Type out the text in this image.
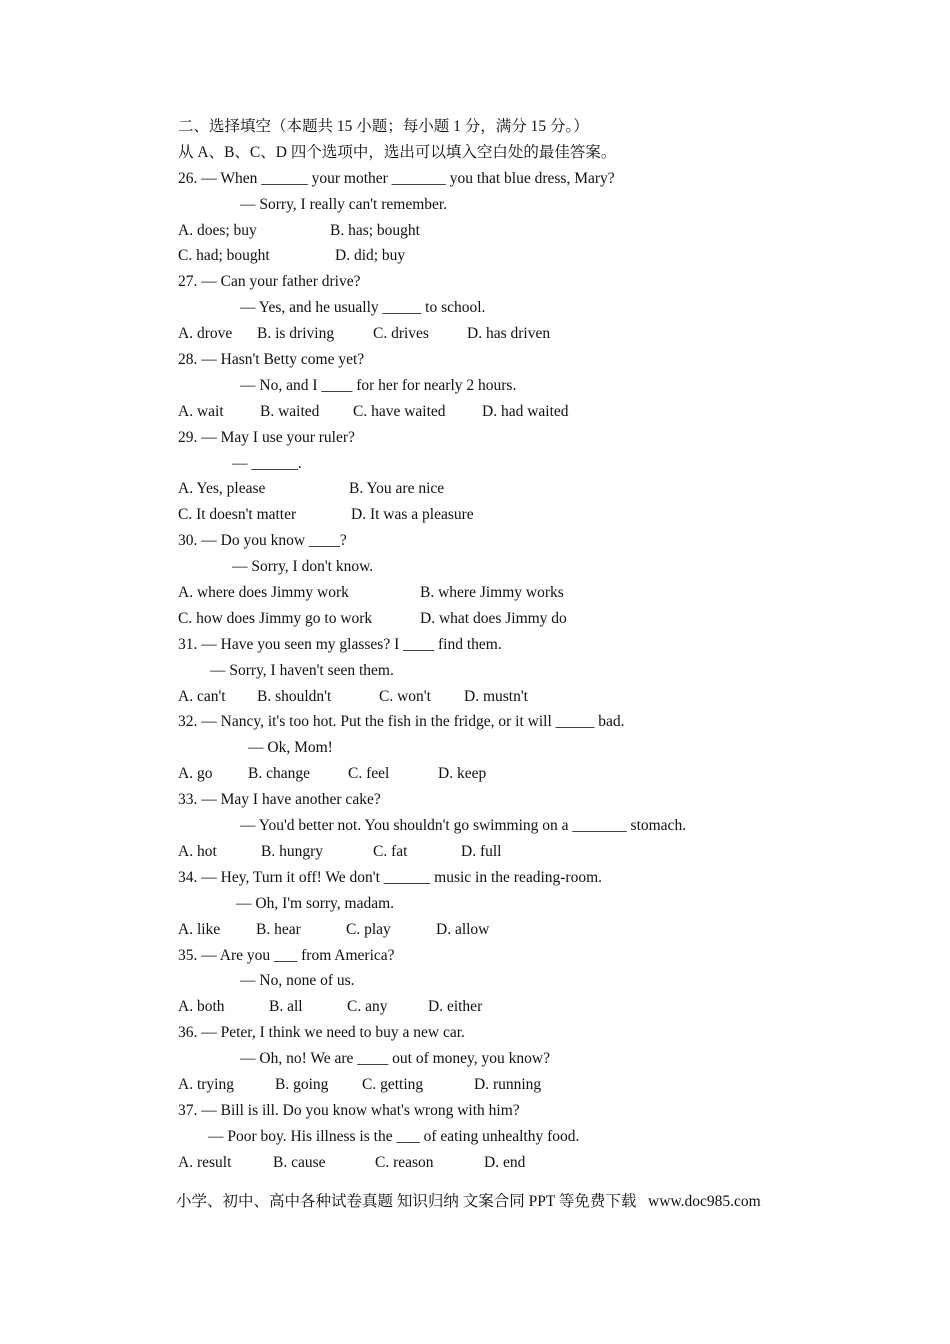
二、选择填空（本题共 15 小题；每小题 1 分，满分 15 分。）
从 A、B、C、D 四个选项中，选出可以填入空白处的最佳答案。
26. — When ______ your mother _______ you that blue dress, Mary?
— Sorry, I really can't remember.
A. does; buy	B. has; bought
C. had; bought	D. did; buy
27. — Can your father drive?
— Yes, and he usually _____ to school.
A. drove	B. is driving	C. drives	D. has driven
28. — Hasn't Betty come yet?
— No, and I ____ for her for nearly 2 hours.
A. wait	B. waited	C. have waited	D. had waited
29. — May I use your ruler?
— ______.
A. Yes, please	B. You are nice
C. It doesn't matter	D. It was a pleasure
30. — Do you know ____?
— Sorry, I don't know.
A. where does Jimmy work	B. where Jimmy works
C. how does Jimmy go to work	D. what does Jimmy do
31. — Have you seen my glasses? I ____ find them.
— Sorry, I haven't seen them.
A. can't	B. shouldn't	C. won't	D. mustn't
32. — Nancy, it's too hot. Put the fish in the fridge, or it will _____ bad.
— Ok, Mom!
A. go	B. change	C. feel	D. keep
33. — May I have another cake?
— You'd better not. You shouldn't go swimming on a _______ stomach.
A. hot	B. hungry	C. fat	D. full
34. — Hey, Turn it off! We don't ______ music in the reading-room.
— Oh, I'm sorry, madam.
A. like	B. hear	C. play	D. allow
35. — Are you ___ from America?
— No, none of us.
A. both	B. all	C. any	D. either
36. — Peter, I think we need to buy a new car.
— Oh, no! We are ____ out of money, you know?
A. trying	B. going	C. getting	D. running
37. — Bill is ill. Do you know what's wrong with him?
— Poor boy. His illness is the ___ of eating unhealthy food.
A. result	B. cause	C. reason	D. end
小学、初中、高中各种试卷真题 知识归纳 文案合同 PPT 等免费下载   www.doc985.com
